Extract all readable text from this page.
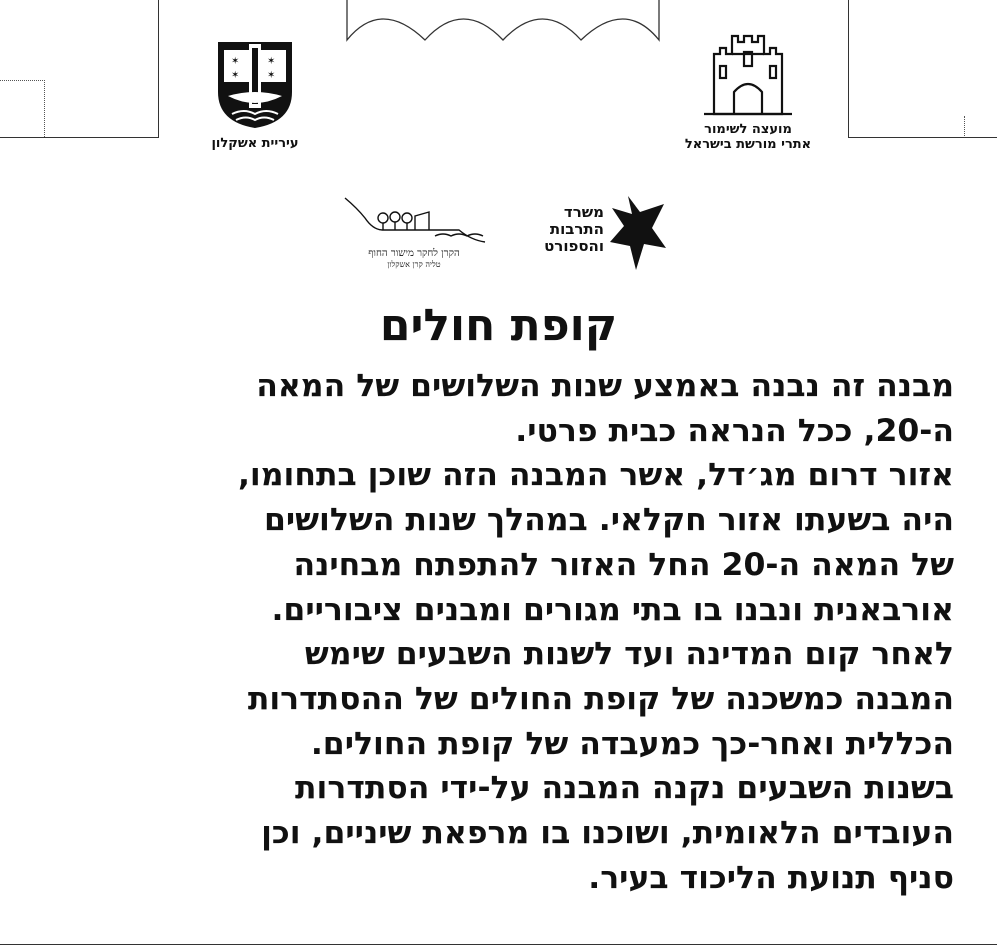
✶
✶
✶
✶
עיריית אשקלון
מועצה לשימור
אתרי מורשת בישראל
הקרן לחקר מישור החוף
טליה קרן אשקלון
משרד
התרבות
והספורט
קופת חולים
מבנה זה נבנה באמצע שנות השלושים של המאה
ה-20, ככל הנראה כבית פרטי.
אזור דרום מג׳דל, אשר המבנה הזה שוכן בתחומו,
היה בשעתו אזור חקלאי. במהלך שנות השלושים
של המאה ה-20 החל האזור להתפתח מבחינה
אורבאנית ונבנו בו בתי מגורים ומבנים ציבוריים.
לאחר קום המדינה ועד לשנות השבעים שימש
המבנה כמשכנה של קופת החולים של ההסתדרות
הכללית ואחר-כך כמעבדה של קופת החולים.
בשנות השבעים נקנה המבנה על-ידי הסתדרות
העובדים הלאומית, ושוכנו בו מרפאת שיניים, וכן
סניף תנועת הליכוד בעיר.
